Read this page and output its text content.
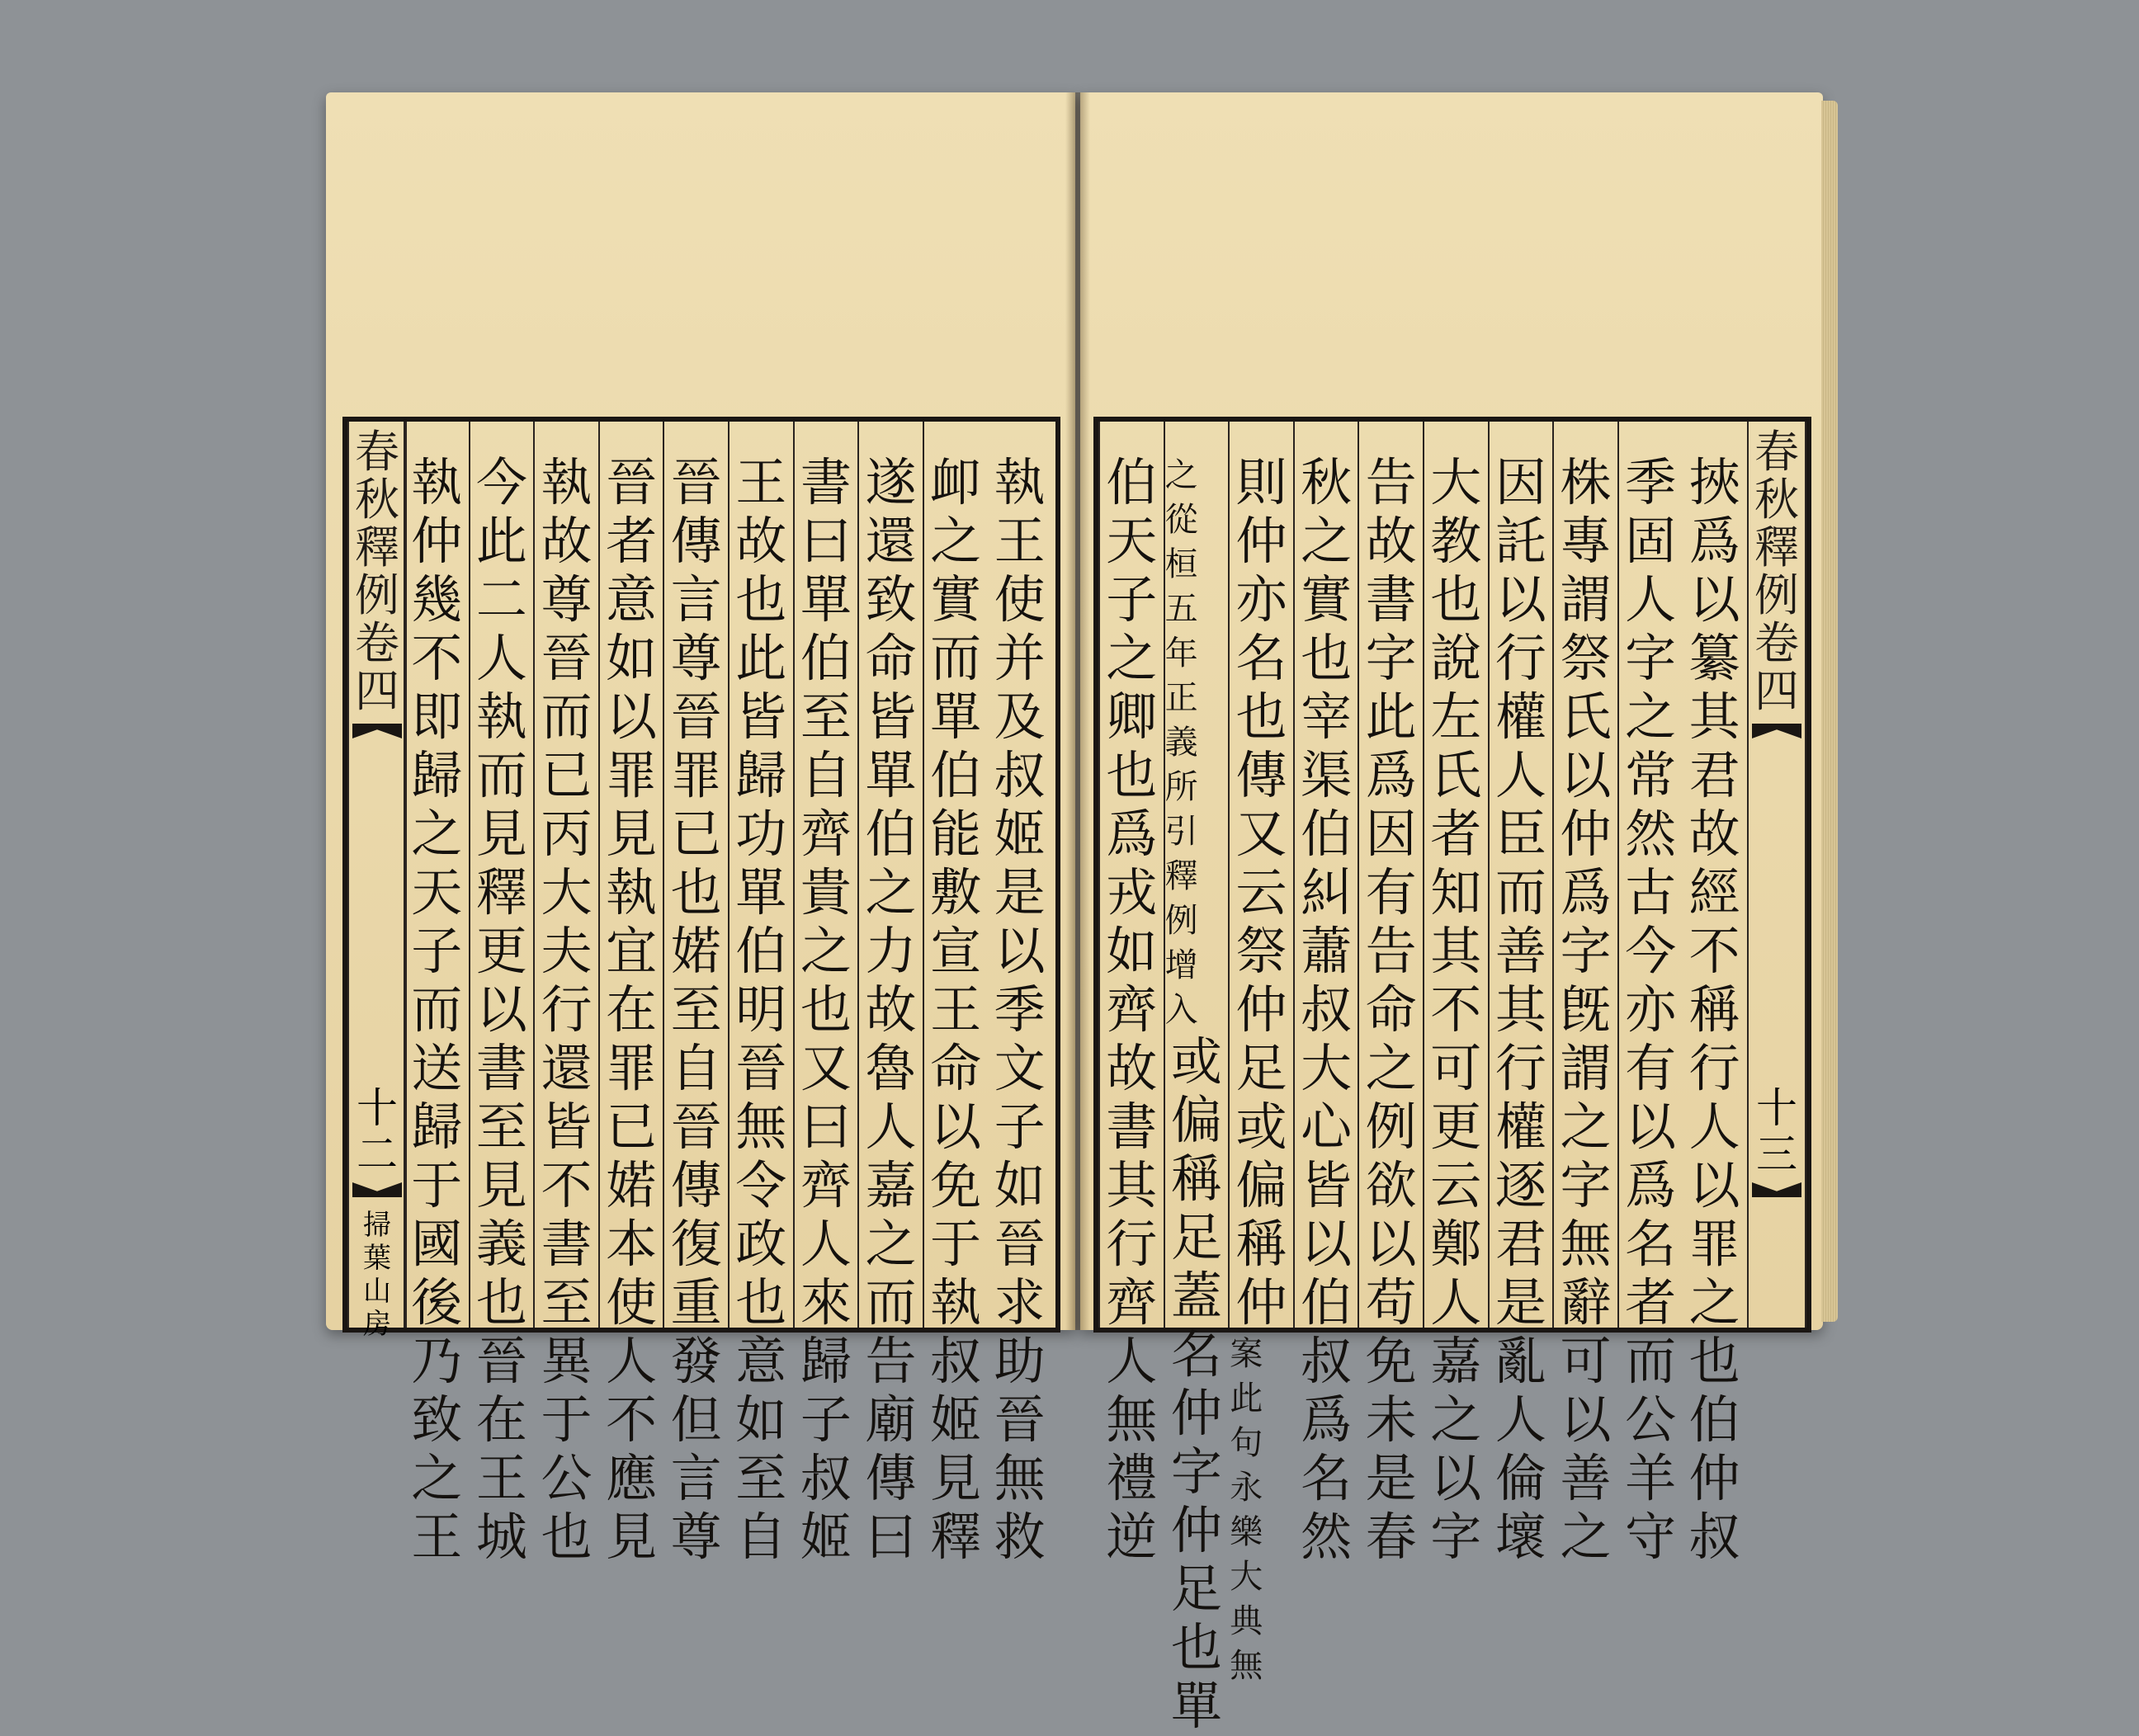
春
秋
釋
例
卷
四
十
二
掃
葉
山
房
執
王
使
并
及
叔
姬
是
以
季
文
子
如
晉
求
助
晉
無
救
卹
之
實
而
單
伯
能
敷
宣
王
命
以
免
于
執
叔
姬
見
釋
遂
還
致
命
皆
單
伯
之
力
故
魯
人
嘉
之
而
告
廟
傳
曰
書
曰
單
伯
至
自
齊
貴
之
也
又
曰
齊
人
來
歸
子
叔
姬
王
故
也
此
皆
歸
功
單
伯
明
晉
無
令
政
也
意
如
至
自
晉
傳
言
尊
晉
罪
已
也
婼
至
自
晉
傳
復
重
發
但
言
尊
晉
者
意
如
以
罪
見
執
宜
在
罪
已
婼
本
使
人
不
應
見
執
故
尊
晉
而
已
丙
大
夫
行
還
皆
不
書
至
異
于
公
也
今
此
二
人
執
而
見
釋
更
以
書
至
見
義
也
晉
在
王
城
執
仲
幾
不
即
歸
之
天
子
而
送
歸
于
國
後
乃
致
之
王
春
秋
釋
例
卷
四
十
三
挾
爲
以
纂
其
君
故
經
不
稱
行
人
以
罪
之
也
伯
仲
叔
季
固
人
字
之
常
然
古
今
亦
有
以
爲
名
者
而
公
羊
守
株
專
謂
祭
氏
以
仲
爲
字
旣
謂
之
字
無
辭
可
以
善
之
因
託
以
行
權
人
臣
而
善
其
行
權
逐
君
是
亂
人
倫
壞
大
教
也
說
左
氏
者
知
其
不
可
更
云
鄭
人
嘉
之
以
字
告
故
書
字
此
爲
因
有
告
命
之
例
欲
以
苟
免
未
是
春
秋
之
實
也
宰
渠
伯
糾
蕭
叔
大
心
皆
以
伯
叔
爲
名
然
則
仲
亦
名
也
傳
又
云
祭
仲
足
或
偏
稱
仲
案此句永
樂大典無
伯
天
子
之
卿
也
爲
戎
如
齊
故
書
其
行
齊
人
無
禮
逆
之從桓五年正義
所引釋例增入
或
偏
稱
足
蓋
名
仲
字
仲
足
也
單
